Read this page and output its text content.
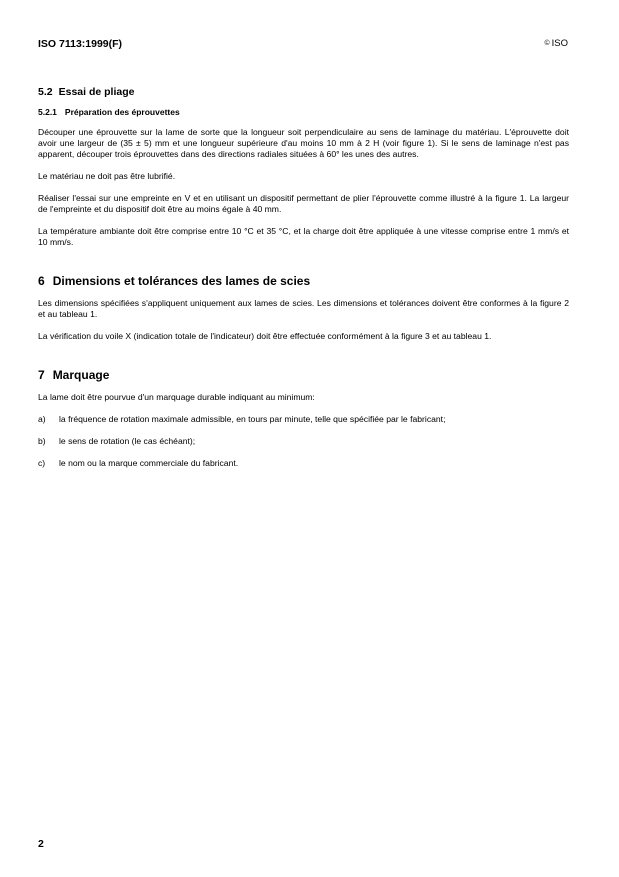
ISO 7113:1999(F)	© ISO
5.2 Essai de pliage
5.2.1 Préparation des éprouvettes

Découper une éprouvette sur la lame de sorte que la longueur soit perpendiculaire au sens de laminage du matériau. L'éprouvette doit avoir une largeur de (35 ± 5) mm et une longueur supérieure d'au moins 10 mm à 2 H (voir figure 1). Si le sens de laminage n'est pas apparent, découper trois éprouvettes dans des directions radiales situées à 60° les unes des autres.

Le matériau ne doit pas être lubrifié.

Réaliser l'essai sur une empreinte en V et en utilisant un dispositif permettant de plier l'éprouvette comme illustré à la figure 1. La largeur de l'empreinte et du dispositif doit être au moins égale à 40 mm.

La température ambiante doit être comprise entre 10 °C et 35 °C, et la charge doit être appliquée à une vitesse comprise entre 1 mm/s et 10 mm/s.

6 Dimensions et tolérances des lames de scies

Les dimensions spécifiées s'appliquent uniquement aux lames de scies. Les dimensions et tolérances doivent être conformes à la figure 2 et au tableau 1.

La vérification du voile X (indication totale de l'indicateur) doit être effectuée conformément à la figure 3 et au tableau 1.

7 Marquage

La lame doit être pourvue d'un marquage durable indiquant au minimum:

a)	la fréquence de rotation maximale admissible, en tours par minute, telle que spécifiée par le fabricant;
b)	le sens de rotation (le cas échéant);
c)	le nom ou la marque commerciale du fabricant.
2
